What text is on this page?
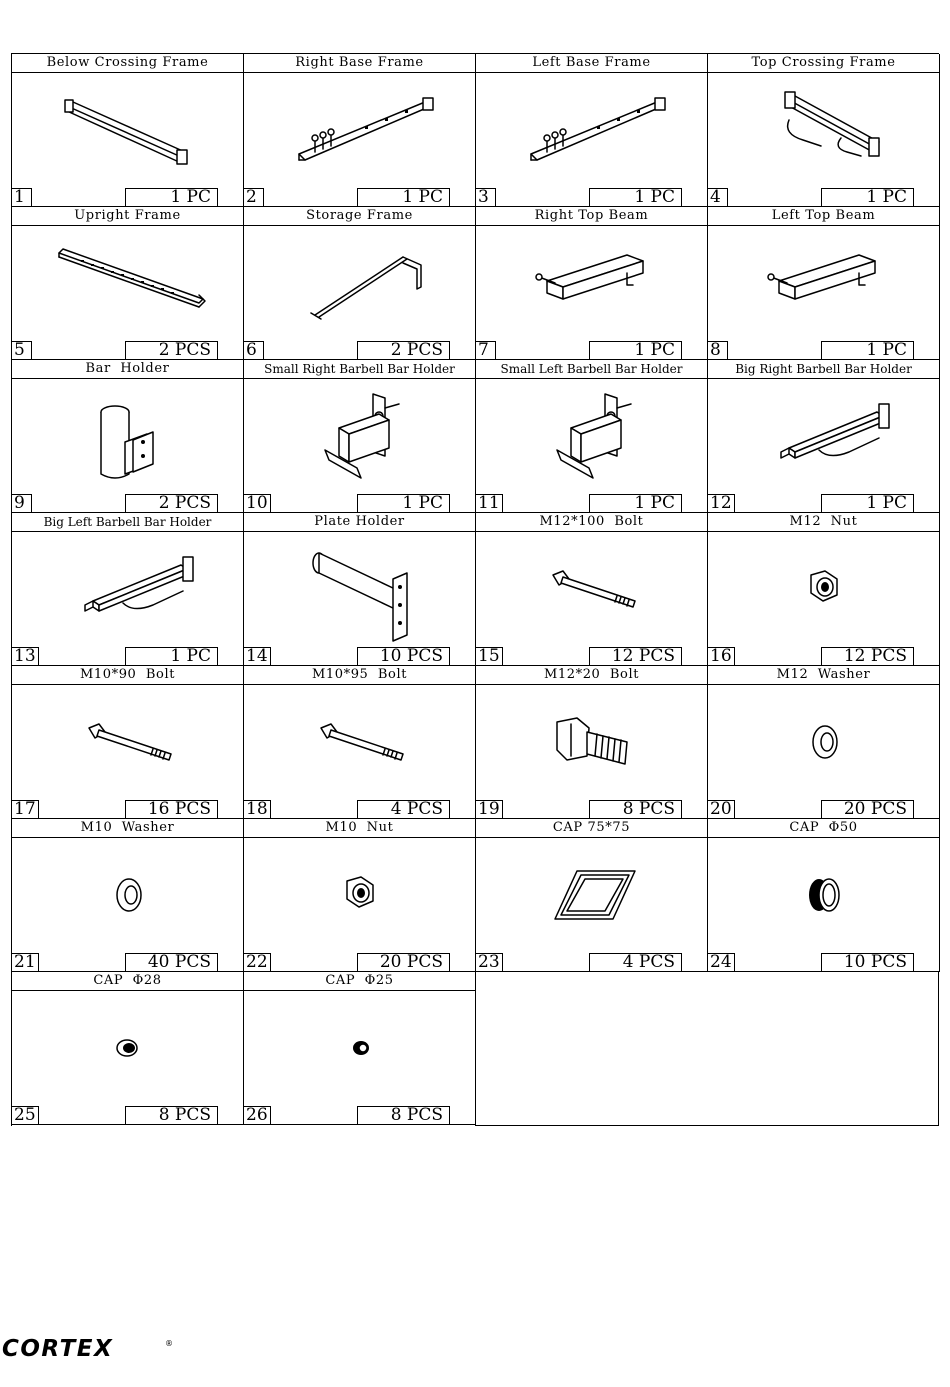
Below Crossing Frame
1	1 PC
Right Base Frame
2	1 PC
Left Base Frame
3	1 PC
Top Crossing Frame
4	1 PC
Upright Frame
5	2 PCS
Storage Frame
6	2 PCS
Right Top Beam
7	1 PC
Left Top Beam
8	1 PC
Bar  Holder
9	2 PCS
Small Right Barbell Bar Holder
10	1 PC
Small Left Barbell Bar Holder
11	1 PC
Big Right Barbell Bar Holder
12	1 PC
Big Left Barbell Bar Holder
13	1 PC
Plate Holder
14	10 PCS
M12*100  Bolt
15	12 PCS
M12  Nut
16	12 PCS
M10*90  Bolt
17	16 PCS
M10*95  Bolt
18	4 PCS
M12*20  Bolt
19	8 PCS
M12  Washer
20	20 PCS
M10  Washer
21	40 PCS
M10  Nut
22	20 PCS
CAP 75*75
23	4 PCS
CAP  Φ50
24	10 PCS
CAP  Φ28
25	8 PCS
CAP  Φ25
26	8 PCS
CORTEX	®
